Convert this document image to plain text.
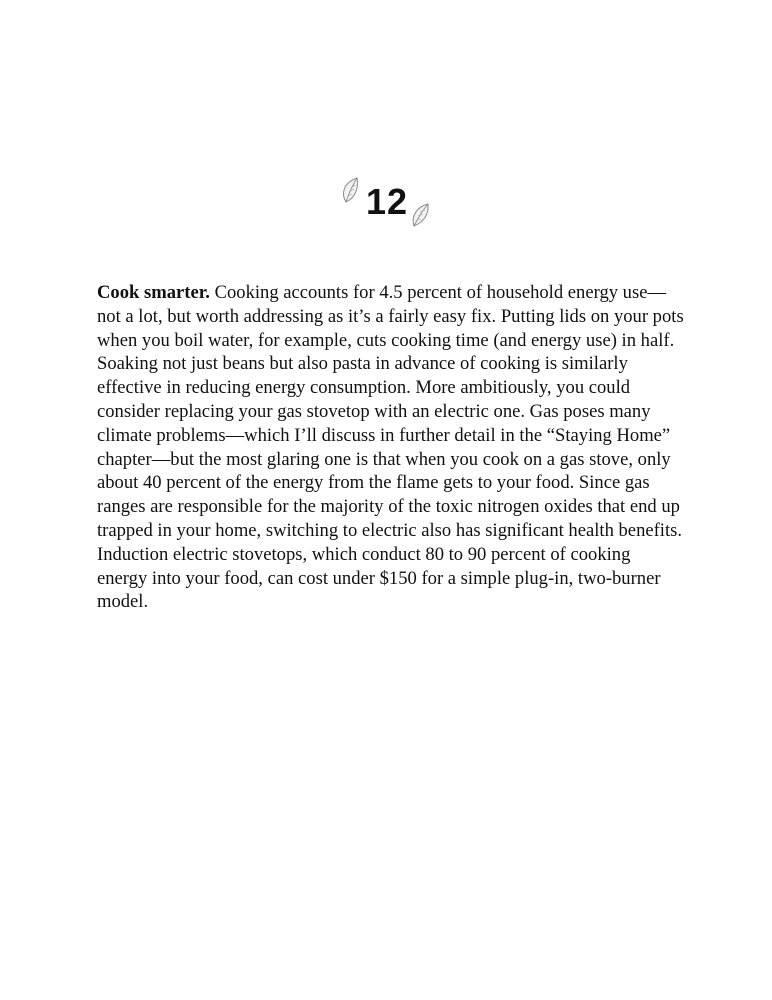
12

Cook smarter. Cooking accounts for 4.5 percent of household energy use—
not a lot, but worth addressing as it’s a fairly easy fix. Putting lids on your pots
when you boil water, for example, cuts cooking time (and energy use) in half.
Soaking not just beans but also pasta in advance of cooking is similarly
effective in reducing energy consumption. More ambitiously, you could
consider replacing your gas stovetop with an electric one. Gas poses many
climate problems—which I’ll discuss in further detail in the “Staying Home”
chapter—but the most glaring one is that when you cook on a gas stove, only
about 40 percent of the energy from the flame gets to your food. Since gas
ranges are responsible for the majority of the toxic nitrogen oxides that end up
trapped in your home, switching to electric also has significant health benefits.
Induction electric stovetops, which conduct 80 to 90 percent of cooking
energy into your food, can cost under $150 for a simple plug-in, two-burner
model.
